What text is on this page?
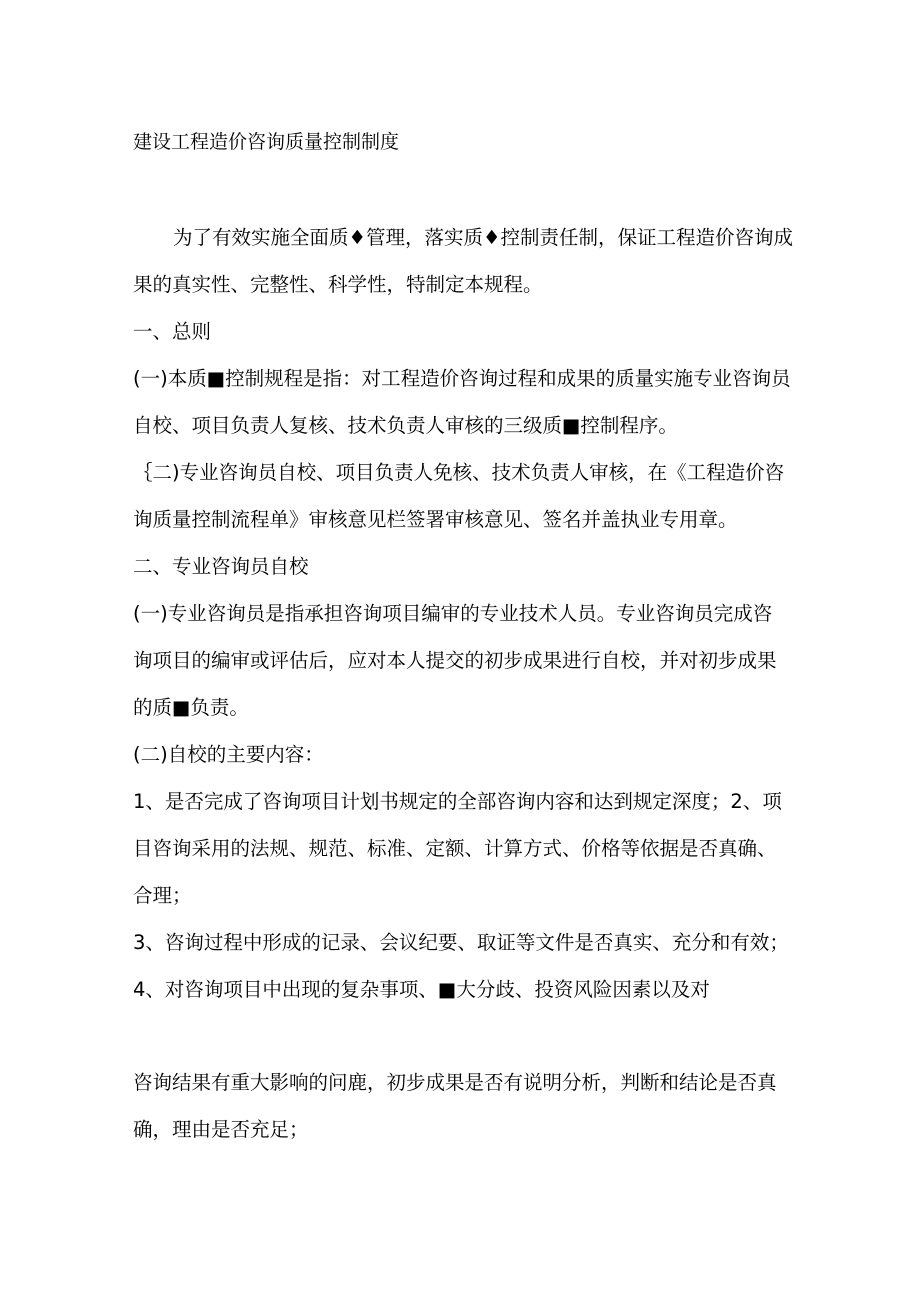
建设工程造价咨询质量控制制度

为了有效实施全面质♦管理，落实质♦控制责任制，保证工程造价咨询成

果的真实性、完整性、科学性，特制定本规程。

一、总则

(一)本质■控制规程是指：对工程造价咨询过程和成果的质量实施专业咨询员

自校、项目负责人复核、技术负责人审核的三级质■控制程序。

｛二)专业咨询员自校、项目负责人免核、技术负责人审核，在《工程造价咨

询质量控制流程单》审核意见栏签署审核意见、签名并盖执业专用章。

二、专业咨询员自校

(一)专业咨询员是指承担咨询项目编审的专业技术人员。专业咨询员完成咨

询项目的编审或评估后，应对本人提交的初步成果进行自校，并对初步成果

的质■负责。

(二)自校的主要内容：

1、是否完成了咨询项目计划书规定的全部咨询内容和达到规定深度；2、项

目咨询采用的法规、规范、标准、定额、计算方式、价格等依据是否真确、

合理；

3、咨询过程中形成的记录、会议纪要、取证等文件是否真实、充分和有效；

4、对咨询项目中出现的复杂事项、■大分歧、投资风险因素以及对

咨询结果有重大影响的问鹿，初步成果是否有说明分析，判断和结论是否真

确，理由是否充足；
